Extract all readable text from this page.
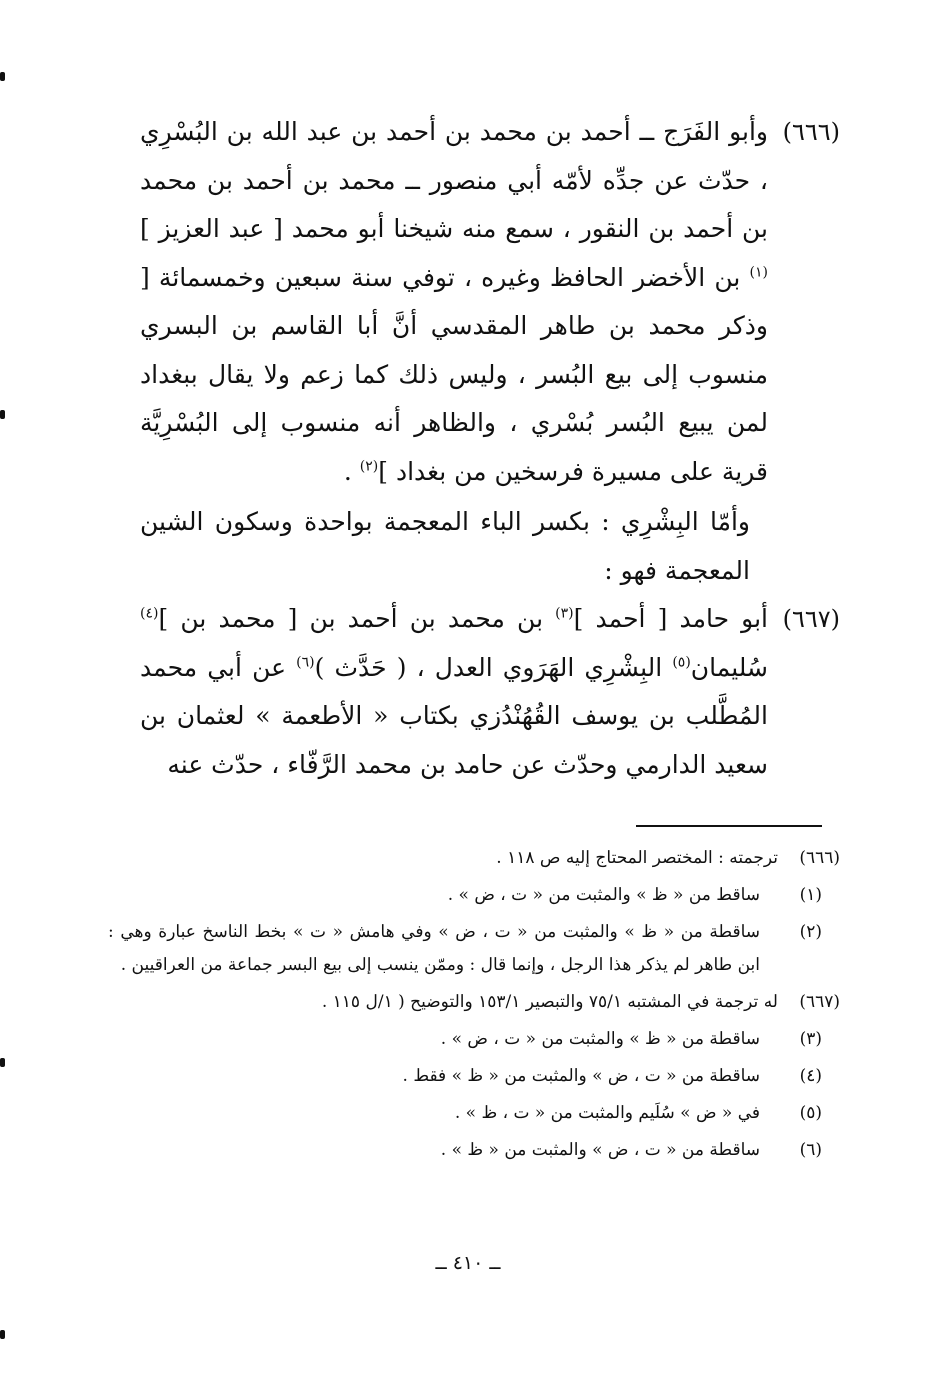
(٦٦٦)
وأبو الفَرَج ــ أحمد بن محمد بن أحمد بن عبد الله بن البُسْرِي ، حدّث عن جدِّه لأمّه أبي منصور ــ محمد بن أحمد بن محمد بن أحمد بن النقور ، سمع منه شيخنا أبو محمد [ عبد العزيز ]$^{(١)}$ بن الأخضر الحافظ وغيره ، توفي سنة سبعين وخمسمائة [ وذكر محمد بن طاهر المقدسي أنَّ أبا القاسم بن البسري منسوب إلى بيع البُسر ، وليس ذلك كما زعم ولا يقال ببغداد لمن يبيع البُسر بُسْري ، والظاهر أنه منسوب إلى البُسْرِيَّة قرية على مسيرة فرسخين من بغداد ]$^{(٢)}$ .

وأمّا البِشْرِي : بكسر الباء المعجمة بواحدة وسكون الشين المعجمة فهو :

(٦٦٧)
أبو حامد [ أحمد ]$^{(٣)}$ بن محمد بن أحمد بن [ محمد بن ]$^{(٤)}$ سُليمان$^{(٥)}$ البِشْرِي الهَرَوي العدل ، ( حَدَّث )$^{(٦)}$ عن أبي محمد المُطَّلب بن يوسف القُهُنْدُزي بكتاب « الأطعمة » لعثمان بن سعيد الدارمي وحدّث عن حامد بن محمد الرَّفّاء ، حدّث عنه

(٦٦٦)
ترجمته : المختصر المحتاج إليه ص ١١٨ .

(١)
ساقط من « ظ » والمثبت من « ت ، ض » .

(٢)
ساقطة من « ظ » والمثبت من « ت ، ض » وفي هامش « ت » بخط الناسخ عبارة وهي : ابن طاهر لم يذكر هذا الرجل ، وإنما قال : وممّن ينسب إلى بيع البسر جماعة من العراقيين .

(٦٦٧)
له ترجمة في المشتبه ٧٥/١ والتبصير ١٥٣/١ والتوضيح ( ١/ل ١١٥ .

(٣)
ساقطة من « ظ » والمثبت من « ت ، ض » .

(٤)
ساقطة من « ت ، ض » والمثبت من « ظ » فقط .

(٥)
في « ض » سُلَيم والمثبت من « ت ، ظ » .

(٦)
ساقطة من « ت ، ض » والمثبت من « ظ » .

ــ ٤١٠ ــ
